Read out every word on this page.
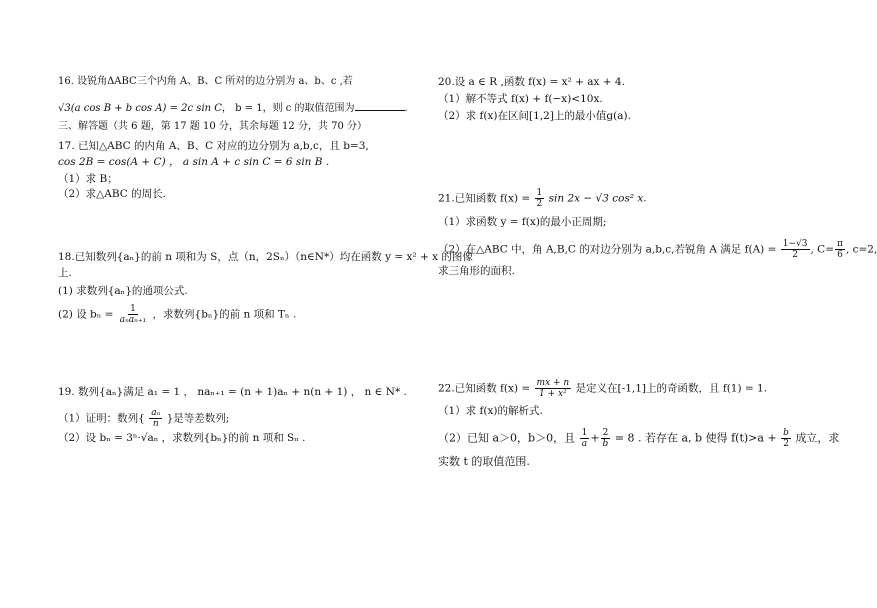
16. 设锐角ΔABC三个内角 A、B、C 所对的边分别为 a、b、c ,若
√3(a cos B + b cos A) = 2c sin C， b = 1，则 c 的取值范围为	.
三、解答题（共 6 题，第 17 题 10 分，其余每题 12 分，共 70 分）
17. 已知△ABC 的内角 A、B、C 对应的边分别为 a,b,c，且 b=3,
cos 2B = cos(A + C) ， a sin A + c sin C = 6 sin B .
（1）求 B；
（2）求△ABC 的周长.
18.已知数列{aₙ}的前 n 项和为 S，点（n，2Sₙ）（n∈N*）均在函数 y = x² + x 的图像
上.
(1) 求数列{aₙ}的通项公式.
(2) 设 $b_n = \frac{1}{\text{aₙaₙ₊₁}}$ ，求数列{bₙ}的前 n 项和 Tₙ .
19. 数列{aₙ}满足 a₁ = 1 ， naₙ₊₁ = (n + 1)aₙ + n(n + 1) ， n ∈ N* .
（1）证明：数列{ $\frac{\text{aₙ}}{n}$ }是等差数列;
（2）设 bₙ = 3ⁿ·√aₙ ，求数列{bₙ}的前 n 项和 Sₙ .
20.设 a ∈ R ,函数 f(x) = x² + ax + 4.
（1）解不等式 f(x) + f(−x)<10x.
（2）求 f(x)在区间[1,2]上的最小值g(a).
21.已知函数 $f(x) = \frac{1}{2}$ sin 2x − √3 cos² x.
（1）求函数 y = f(x)的最小正周期;
（2）在△ABC 中，角 A,B,C 的对边分别为 a,b,c,若锐角 A 满足 $f(A) = \frac{1-√3}{2}$ , $C= \frac{\pi}{6}$ , c=2,
求三角形的面积.
22.已知函数 $f(x) = \frac{mx + n}{\text{1 + x²}}$ 是定义在[-1,1]上的奇函数，且 f(1) = 1.
（1）求 f(x)的解析式.
（2）已知 a＞0，b＞0，且 $\frac{1}{a} + \frac{2}{b} = 8$ . 若存在 a, b 使得 $f(t)>a + \frac{b}{2}$ 成立，求
实数 t 的取值范围.
